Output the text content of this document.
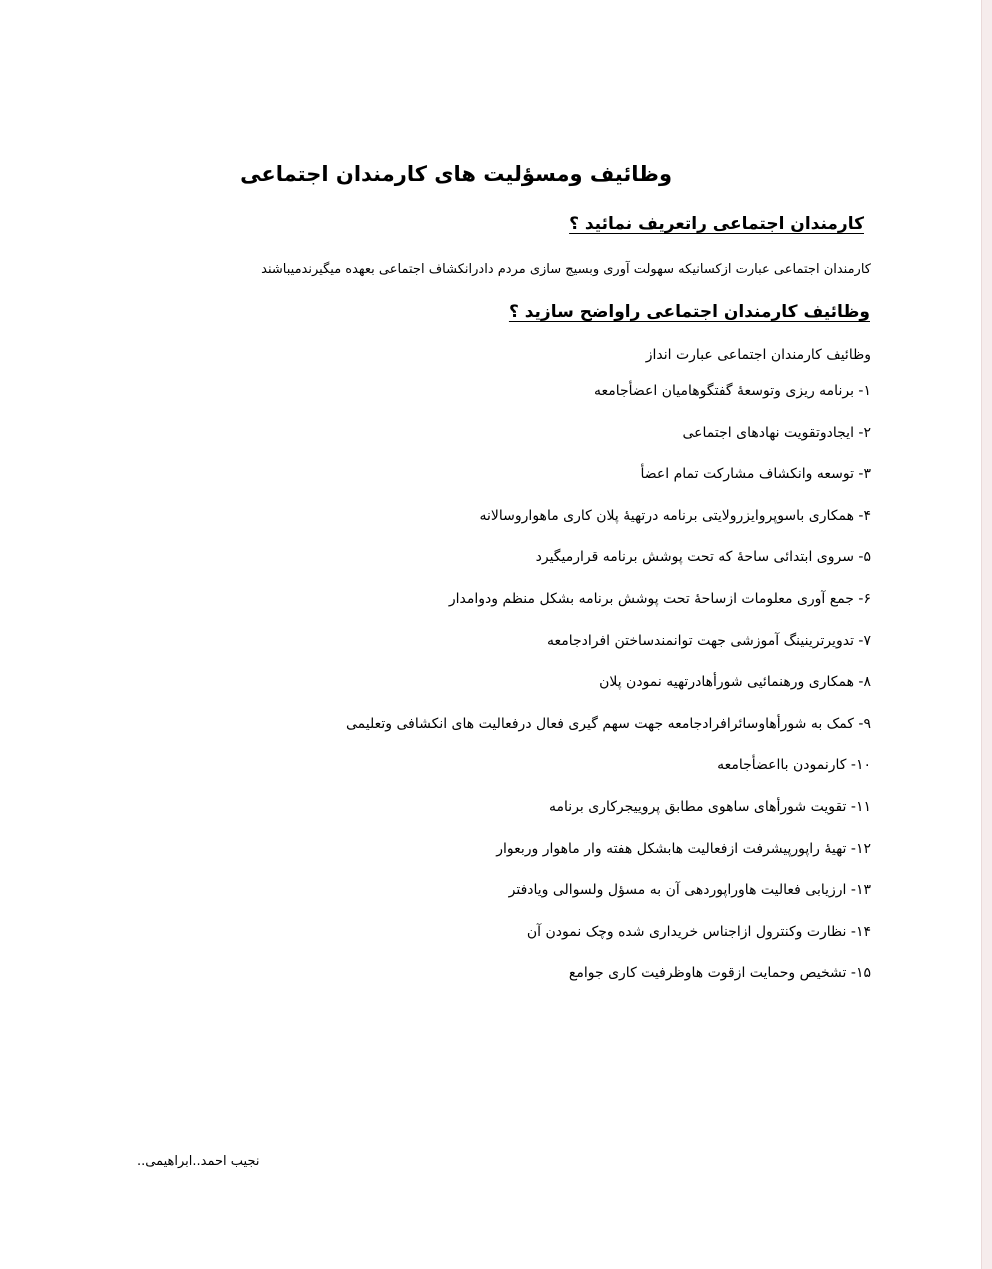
وظائیف ومسؤلیت های کارمندان اجتماعی
کارمندان اجتماعی راتعریف نمائید ؟
کارمندان اجتماعی عبارت ازکسانیکه سهولت آوری وبسیج سازی مردم دادرانکشاف اجتماعی بعهده میگیرندمیباشند
وظائیف کارمندان اجتماعی راواضح سازید ؟
وظائیف کارمندان اجتماعی عبارت انداز
۱- برنامه ریزی وتوسعهٔ گفتگوهامیان اعضأجامعه
۲- ایجادوتقویت نهادهای اجتماعی
۳- توسعه وانکشاف مشارکت تمام اعضأ
۴- همکاری باسوپروایزرولایتی برنامه درتهیهٔ پلان کاری ماهواروسالانه
۵- سروی ابتدائی ساحهٔ که تحت پوشش برنامه قرارمیگیرد
۶- جمع آوری معلومات ازساحهٔ تحت پوشش برنامه بشکل منظم ودوامدار
۷- تدویرترینینگ آموزشی جهت توانمندساختن افرادجامعه
۸- همکاری ورهنمائیی شورأهادرتهیه نمودن پلان
۹- کمک به شورأهاوسائرافرادجامعه جهت سهم گیری فعال درفعالیت های انکشافی وتعلیمی
۱۰- کارنمودن بااعضأجامعه
۱۱- تقویت شورأهای ساهوی مطابق پروییجرکاری برنامه
۱۲- تهیهٔ راپورپیشرفت ازفعالیت هابشکل هفته وار ماهوار وربعوار
۱۳- ارزیابی فعالیت هاوراپوردهی آن به مسؤل ولسوالی ویادفتر
۱۴- نظارت وکنترول ازاجناس خریداری شده وچک نمودن آن
۱۵- تشخیص وحمایت ازقوت هاوظرفیت کاری جوامع
نجیب احمد..ابراهیمی..
